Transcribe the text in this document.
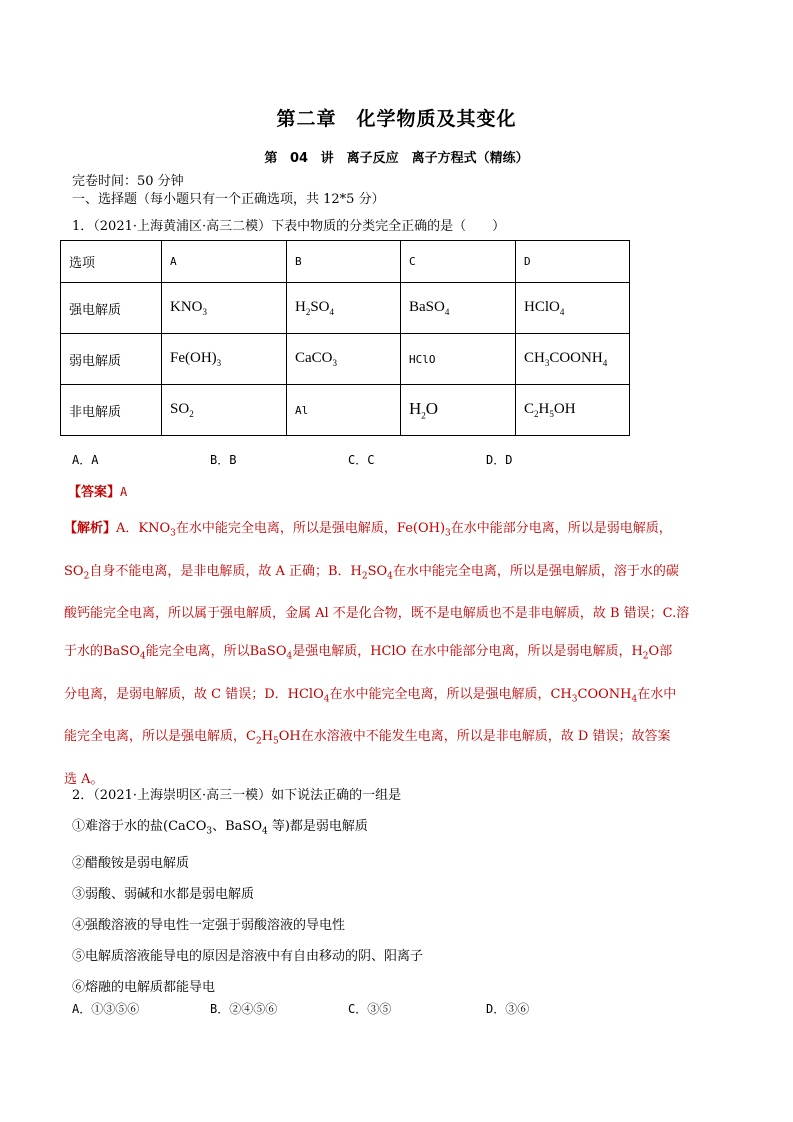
第二章　化学物质及其变化
第 04 讲　离子反应　离子方程式（精练）
完卷时间：50 分钟
一、选择题（每小题只有一个正确选项，共 12*5 分）
1．（2021·上海黄浦区·高三二模）下表中物质的分类完全正确的是（　　）
选项	A	B	C	D
强电解质	$KNO_3$	$H_2SO_4$	BaSO$_4$	HClO$_4$
弱电解质	$Fe(OH)_3$	CaCO$_3$	HClO	$CH_3COONH_4$
非电解质	$SO_2$	Al	$H_2O$	$C_2H_5OH$
A．A	B．B	C．C	D．D
【答案】A

【解析】A．$KNO_3$在水中能完全电离，所以是强电解质，$Fe(OH)_3$在水中能部分电离，所以是弱电解质，

$SO_2$自身不能电离，是非电解质，故 A 正确；B．$H_2SO_4$在水中能完全电离，所以是强电解质，溶于水的碳

酸钙能完全电离，所以属于强电解质，金属 Al 不是化合物，既不是电解质也不是非电解质，故 B 错误；C.溶

于水的BaSO$_4$能完全电离，所以BaSO$_4$是强电解质，HClO 在水中能部分电离，所以是弱电解质，$H_2O$部

分电离，是弱电解质，故 C 错误；D．HClO$_4$在水中能完全电离，所以是强电解质，$CH_3COONH_4$在水中

能完全电离，所以是强电解质，$C_2H_5OH$在水溶液中不能发生电离，所以是非电解质，故 D 错误；故答案

选 A。

2．（2021·上海崇明区·高三一模）如下说法正确的一组是

①难溶于水的盐(CaCO$_3$、BaSO$_4$ 等)都是弱电解质

②醋酸铵是弱电解质

③弱酸、弱碱和水都是弱电解质

④强酸溶液的导电性一定强于弱酸溶液的导电性

⑤电解质溶液能导电的原因是溶液中有自由移动的阴、阳离子

⑥熔融的电解质都能导电

A．①③⑤⑥	B．②④⑤⑥	C．③⑤	D．③⑥
